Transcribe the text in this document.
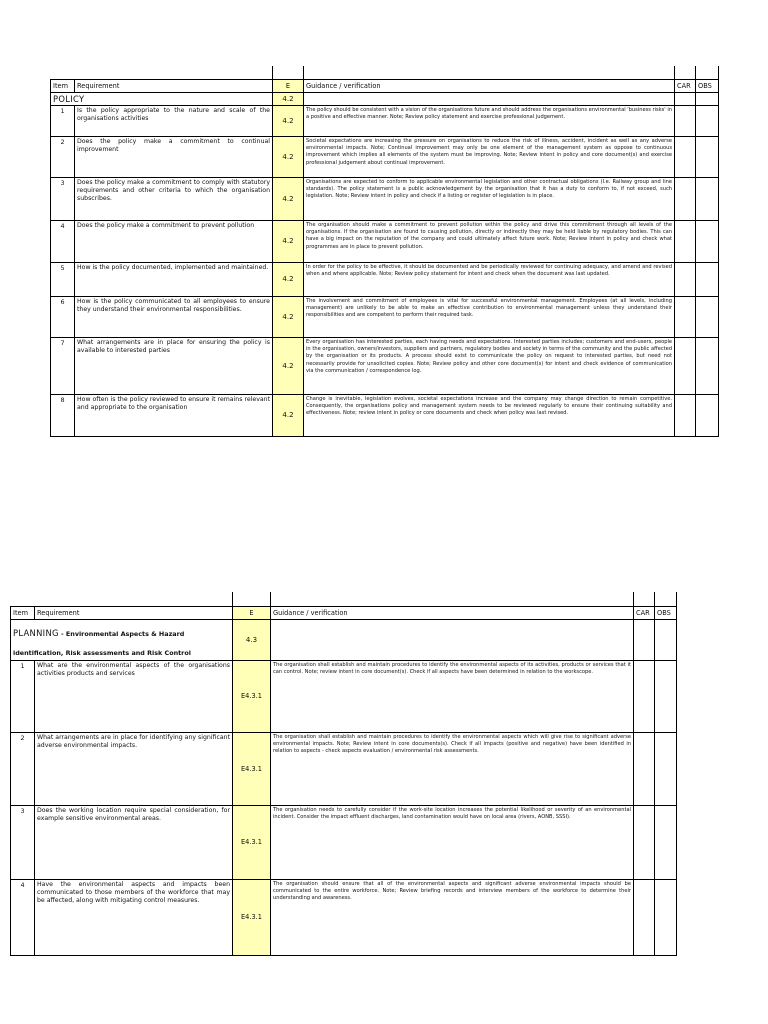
Item	Requirement	E	Guidance / verification	CAR	OBS
POLICY		4.2			
1	Is the policy appropriate to the nature and scale of the organisations activities	4.2	The policy should be consistent with a vision of the organisations future and should address the organisations environmental 'business risks' in a positive and effective manner. Note; Review policy statement and exercise professional judgement.		
2	Does the policy make a commitment to continual improvement	4.2	Societal expectations are increasing the pressure on organisations to reduce the risk of illness, accident, incident as well as any adverse environmental impacts. Note; Continual improvement may only be one element of the management system as oppose to continuous improvement which implies all elements of the system must be improving. Note; Review intent in policy and core document(s) and exercise professional judgement about continual improvement.		
3	Does the policy make a commitment to comply with statutory requirements and other criteria to which the organisation subscribes.	4.2	Organisations are expected to conform to applicable environmental legislation and other contractual obligations (I.e. Railway group and line standards). The policy statement is a public acknowledgement by the organisation that it has a duty to conform to, if not exceed, such legislation. Note; Review intent in policy and check if a listing or register of legislation is in place.		
4	Does the policy make a commitment to prevent pollution	4.2	The organisation should make a commitment to prevent pollution within the policy and drive this commitment through all levels of the organisations. If the organisation are found to causing pollution, directly or indirectly they may be held liable by regulatory bodies. This can have a big impact on the reputation of the company and could ultimately affect future work. Note; Review intent in policy and check what programmes are in place to prevent pollution.		
5	How is the policy documented, implemented and maintained.	4.2	In order for the policy to be effective, it should be documented and be periodically reviewed for continuing adequacy, and amend and revised when and where applicable. Note; Review policy statement for intent and check when the document was last updated.		
6	How is the policy communicated to all employees to ensure they understand their environmental responsibilities.	4.2	The involvement and commitment of employees is vital for successful environmental management. Employees (at all levels, including management) are unlikely to be able to make an effective contribution to environmental management unless they understand their responsibilities and are competent to perform their required task.		
7	What arrangements are in place for ensuring the policy is available to interested parties	4.2	Every organisation has interested parties, each having needs and expectations. Interested parties includes; customers and end-users, people in the organisation, owners/investors, suppliers and partners, regulatory bodies and society in terms of the community and the public affected by the organisation or its products. A process should exist to communicate the policy on request to interested parties, but need not necessarily provide for unsolicited copies. Note; Review policy and other core document(s) for intent and check evidence of communication via the communication / correspondence log.		
8	How often is the policy reviewed to ensure it remains relevant and appropriate to the organisation	4.2	Change is inevitable, legislation evolves, societal expectations increase and the company may change direction to remain competitive. Consequently, the organisations policy and management system needs to be reviewed regularly to ensure their continuing suitability and effectiveness. Note; review intent in policy or core documents and check when policy was last revised.		

Item	Requirement	E	Guidance / verification	CAR	OBS
PLANNING - Environmental Aspects & Hazard identification, Risk assessments and Risk Control		4.3			
1	What are the environmental aspects of the organisations activities products and services	E4.3.1	The organisation shall establish and maintain procedures to identify the environmental aspects of its activities, products or services that it can control. Note; review intent in core document(s). Check if all aspects have been determined in relation to the workscope.		
2	What arrangements are in place for identifying any significant adverse environmental impacts.	E4.3.1	The organisation shall establish and maintain procedures to identify the environmental aspects which will give rise to significant adverse environmental impacts. Note; Review intent in core documents(s). Check if all impacts (positive and negative) have been identified in relation to aspects - check aspects evaluation / environmental risk assessments.		
3	Does the working location require special consideration, for example sensitive environmental areas.	E4.3.1	The organisation needs to carefully consider if the work-site location increases the potential likelihood or severity of an environmental incident. Consider the impact effluent discharges, land contamination would have on local area (rivers, AONB, SSSI).		
4	Have the environmental aspects and impacts been communicated to those members of the workforce that may be affected, along with mitigating control measures.	E4.3.1	The organisation should ensure that all of the environmental aspects and significant adverse environmental impacts should be communicated to the entire workforce. Note; Review briefing records and interview members of the workforce to determine their understanding and awareness.		
